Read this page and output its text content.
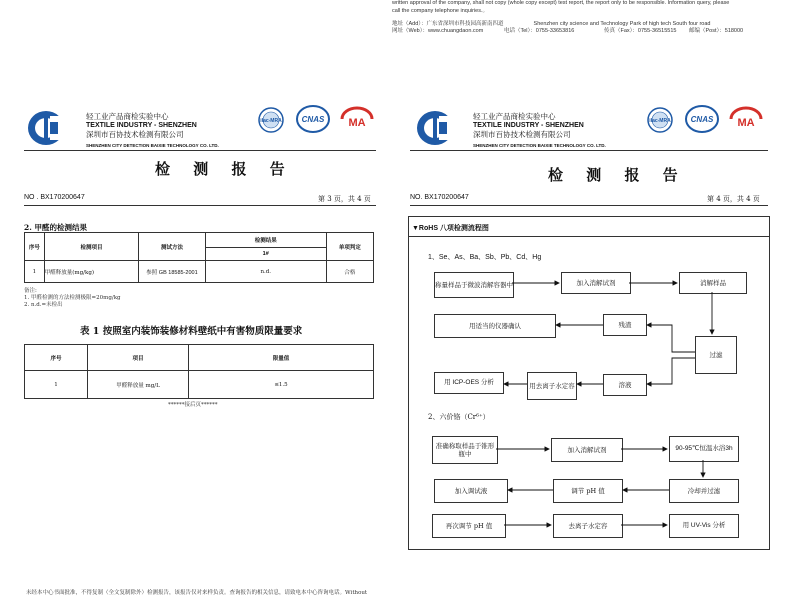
written approval of the company, shall not copy (whole copy except) test report, the report only to be responsible. Information query, please
call the company telephone inquiries.。
地址（Add）：广东省深圳市科技园高新南四道	Shenzhen city science and Technology Park of high tech South four road
网址（Web）：www.chuangdaon.com	电话（Tel）：0755-33653816	传真（Fax）：0755-36515515	邮编（Post）：518000
轻工业产品商检实验中心
TEXTILE INDUSTRY - SHENZHEN
深圳市百协技术检测有限公司
SHENZHEN CITY DETECTION BAIXIE TECHNOLOGY CO. LTD.
ilac-MRA CNAS MA
检 测 报 告
NO . BX170200647	第 3 页，共 4 页
2. 甲醛的检测结果
序号	检测项目	测试方法	检测结果	单项判定
			1#	
1	甲醛释放量(mg/kg)	参照 GB 18585-2001	n.d.	合格
备注:
1. 甲醛检测的方法检测极限=20mg/kg
2. n.d.=未检出
表 1 按照室内装饰装修材料壁纸中有害物质限量要求
序号	项目	限量值
1	甲醛释放量 mg/L	≤1.5
******接后页******
未经本中心书面批准，不得复制（全文复制除外）检测报告，该报告仅对来样负责。查询报告的相关信息，请致电本中心咨询电话。Without
轻工业产品商检实验中心
TEXTILE INDUSTRY - SHENZHEN
深圳市百协技术检测有限公司
SHENZHEN CITY DETECTION BAIXIE TECHNOLOGY CO. LTD.
ilac-MRA CNAS MA
检 测 报 告
NO. BX170200647	第 4 页，共 4 页
▼RoHS 八项检测流程图
1、Se、As、Ba、Sb、Pb、Cd、Hg
称量样品于微波消解容器中	加入消解试剂	消解样品
用适当的仪器确认	残渣
过滤
用 ICP-OES 分析	用去离子水定容	溶液
2、六价铬（Cr⁶⁺）
准确称取样品于锥形瓶中	加入消解试剂	90-95℃恒温水浴3h
加入调试液	调节 pH 值	冷却并过滤
再次调节 pH 值	去离子水定容	用 UV-Vis 分析
